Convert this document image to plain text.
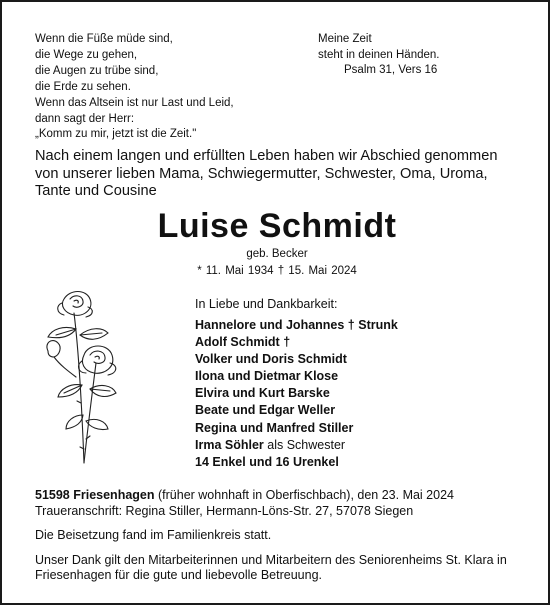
Wenn die Füße müde sind,
die Wege zu gehen,
die Augen zu trübe sind,
die Erde zu sehen.
Wenn das Altsein ist nur Last und Leid,
dann sagt der Herr:
„Komm zu mir, jetzt ist die Zeit."
Meine Zeit
steht in deinen Händen.
Psalm 31, Vers 16
Nach einem langen und erfüllten Leben haben wir Abschied genommen von unserer lieben Mama, Schwiegermutter, Schwester, Oma, Uroma, Tante und Cousine
Luise Schmidt
geb. Becker
* 11. Mai 1934 † 15. Mai 2024
In Liebe und Dankbarkeit:
Hannelore und Johannes † Strunk
Adolf Schmidt †
Volker und Doris Schmidt
Ilona und Dietmar Klose
Elvira und Kurt Barske
Beate und Edgar Weller
Regina und Manfred Stiller
Irma Söhler als Schwester
14 Enkel und 16 Urenkel

51598 Friesenhagen (früher wohnhaft in Oberfischbach), den 23. Mai 2024

Traueranschrift: Regina Stiller, Hermann-Löns-Str. 27, 57078 Siegen

Die Beisetzung fand im Familienkreis statt.

Unser Dank gilt den Mitarbeiterinnen und Mitarbeitern des Seniorenheims St. Klara in Friesenhagen für die gute und liebevolle Betreuung.
